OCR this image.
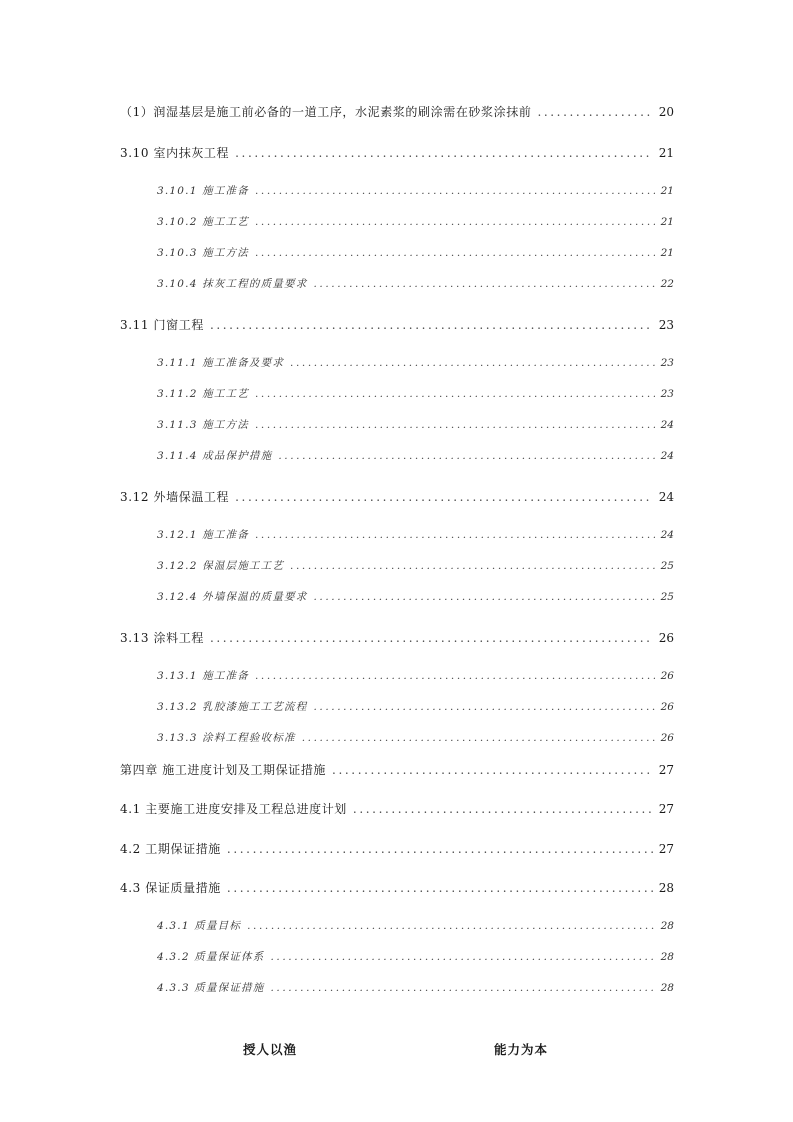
（1）润湿基层是施工前必备的一道工序，水泥素浆的刷涂需在砂浆涂抹前 .....	20
3.10 室内抹灰工程 .....	21
3.10.1 施工准备 .....	21
3.10.2 施工工艺 .....	21
3.10.3 施工方法 .....	21
3.10.4 抹灰工程的质量要求 .....	22
3.11 门窗工程 .....	23
3.11.1 施工准备及要求 .....	23
3.11.2 施工工艺 .....	23
3.11.3 施工方法 .....	24
3.11.4 成品保护措施 .....	24
3.12 外墙保温工程 .....	24
3.12.1 施工准备 .....	24
3.12.2 保温层施工工艺 .....	25
3.12.4 外墙保温的质量要求 .....	25
3.13 涂料工程 .....	26
3.13.1 施工准备 .....	26
3.13.2 乳胶漆施工工艺流程 .....	26
3.13.3 涂料工程验收标准 .....	26
第四章 施工进度计划及工期保证措施 .....	27
4.1 主要施工进度安排及工程总进度计划 .....	27
4.2 工期保证措施 .....	27
4.3 保证质量措施 .....	28
4.3.1 质量目标 .....	28
4.3.2 质量保证体系 .....	28
4.3.3 质量保证措施 .....	28
授人以渔	能力为本
